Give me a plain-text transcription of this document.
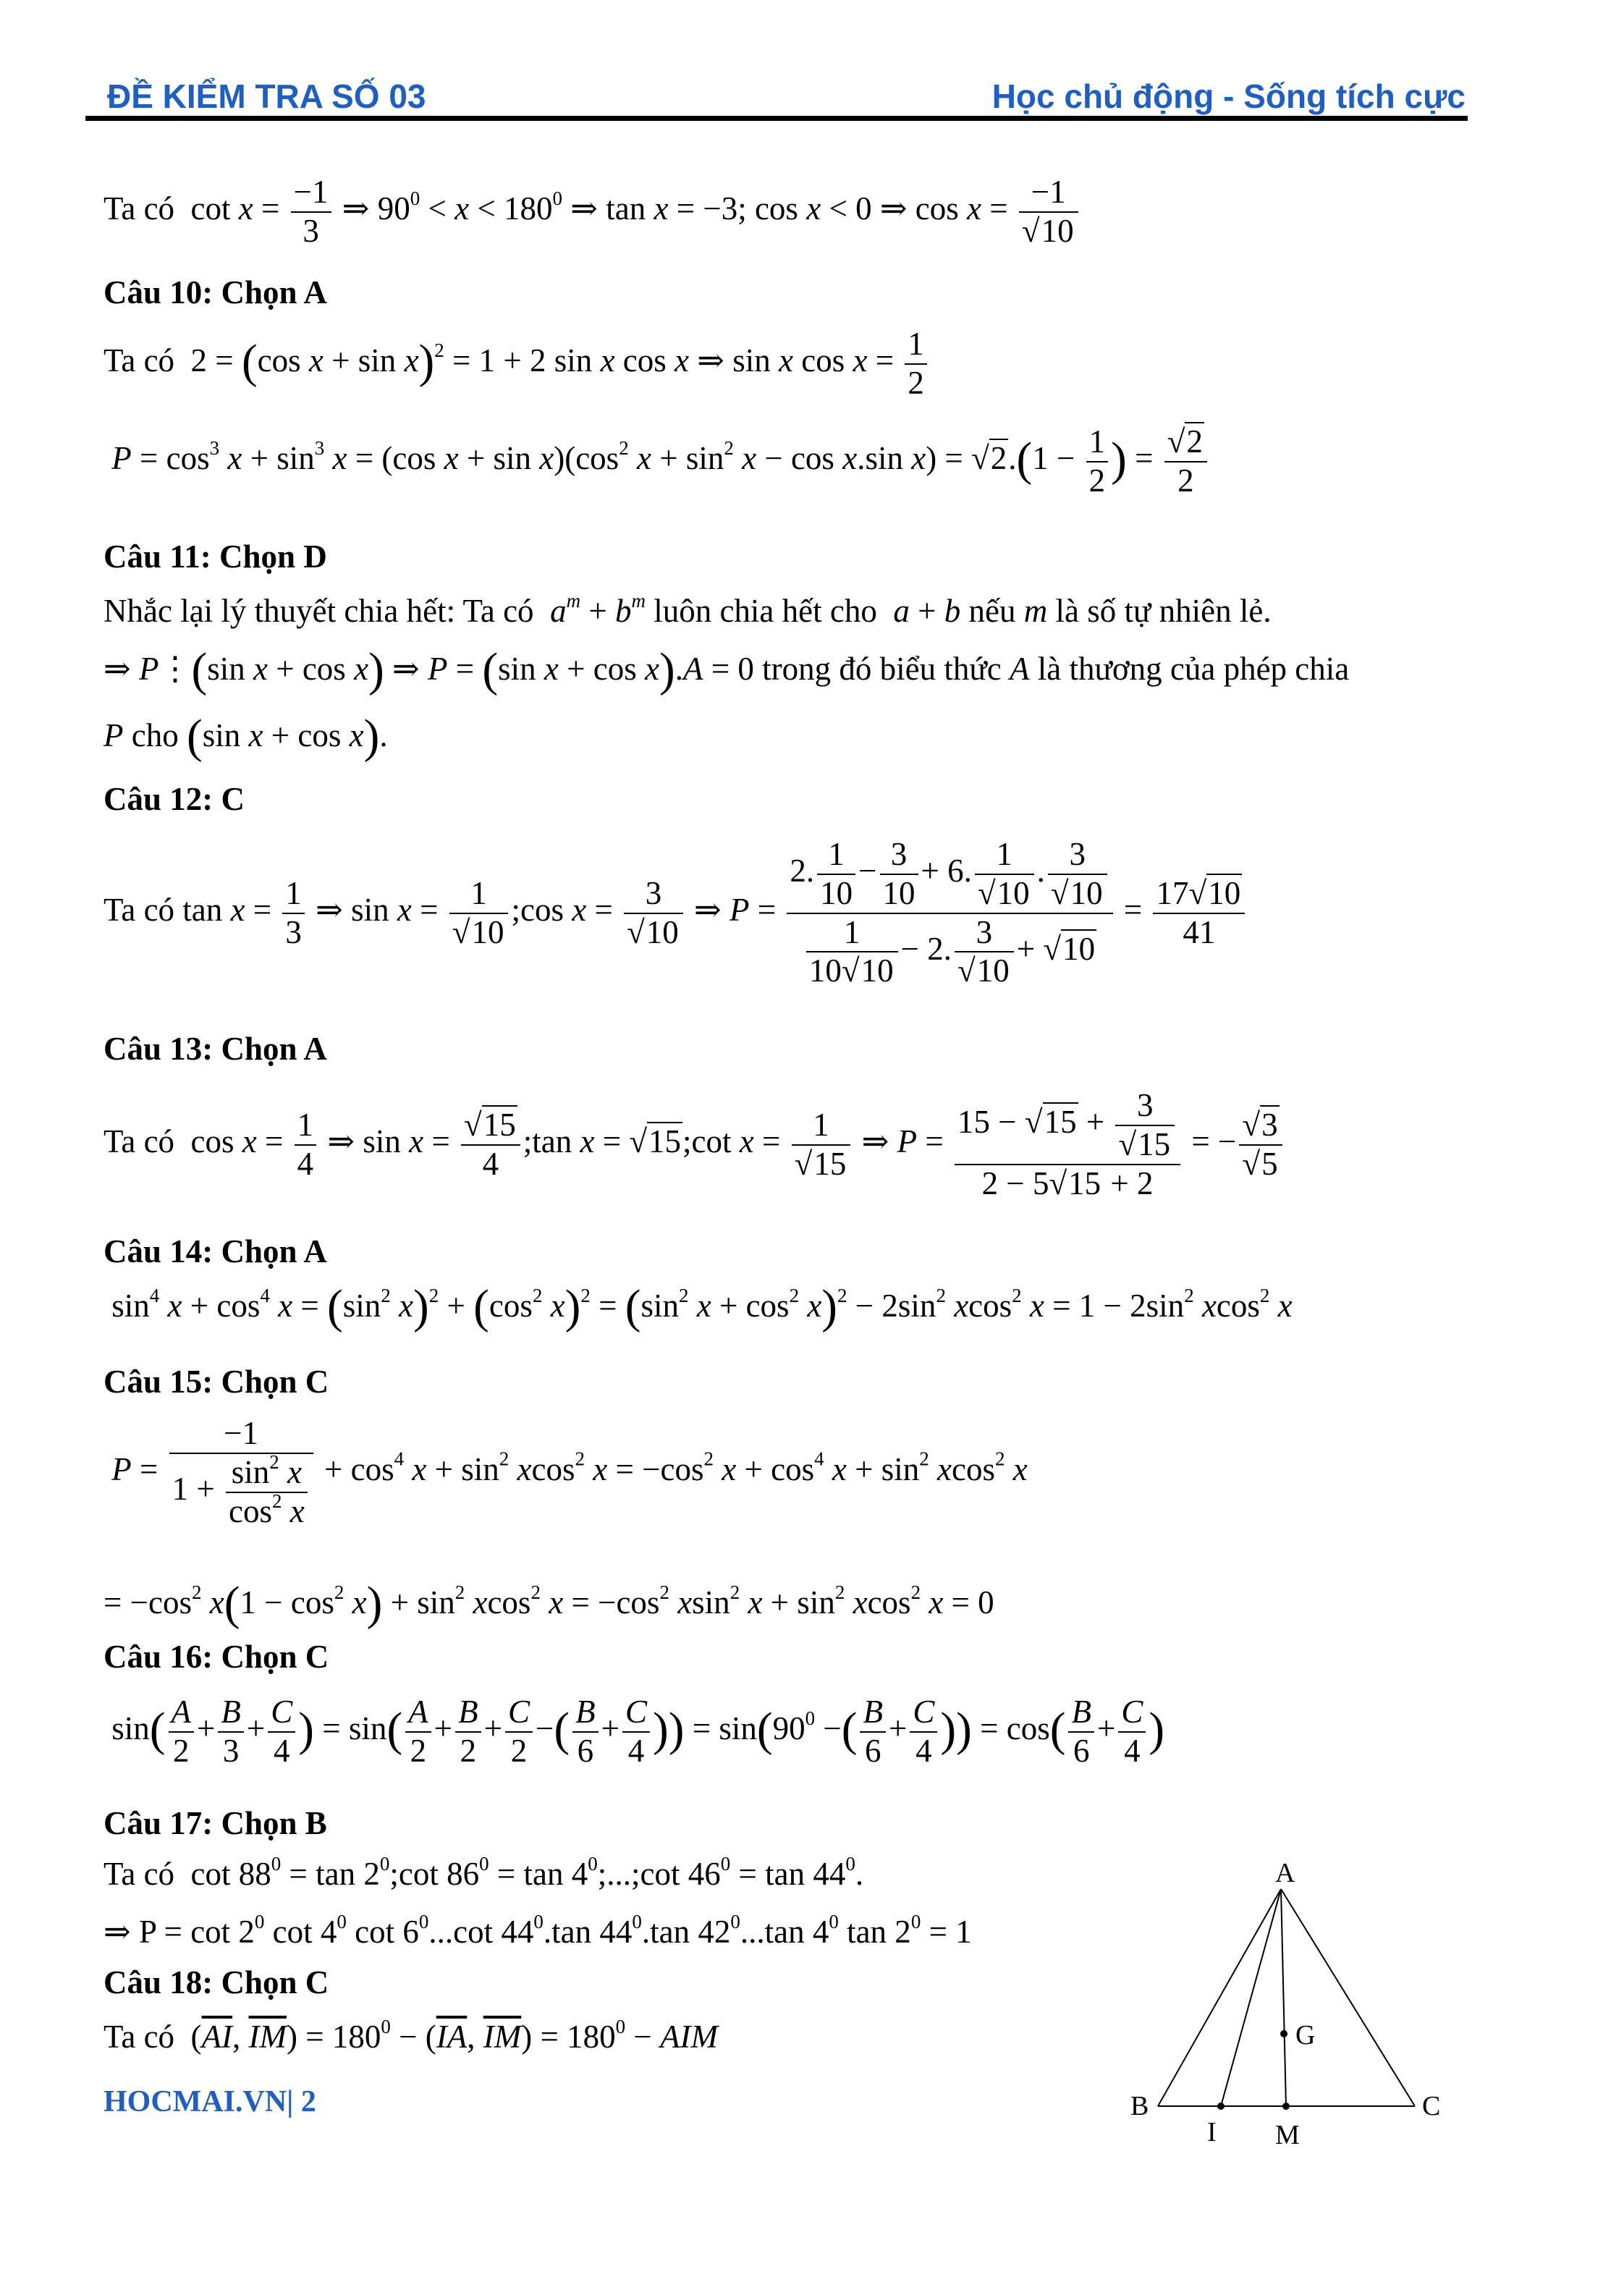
ĐỀ KIỂM TRA SỐ 03	Học chủ động - Sống tích cực
Ta có  $\cot x = \frac{-1}{3}$ ⇒ $90^0 < x < 180^0$ ⇒ tan x = −3; cos x < 0 ⇒ $\cos x = \frac{-1}{√10}$
Câu 10: Chọn A
Ta có  2 = (cos x + sin x)$^2$ = 1 + 2 sin x cos x ⇒ sin x $\cos x = \frac{1}{2}$
$P = \cos^3 x + \sin^3 x = (\cos$ $x + \sin x)(\cos^2$ $x + \sin^2 x - \cos x.\sin$ $x) = √2.(1 - \frac{1}{2}$ ) = $\frac{√2}{2}$
Câu 11: Chọn D
Nhắc lại lý thuyết chia hết: Ta có $a^m + b^m$ luôn chia hết cho a + b nếu m là số tự nhiên lẻ.
⇒ P⋮(sin x + cos x) ⇒ P = (sin x + cos x).A = 0 trong đó biểu thức A là thương của phép chia
P cho (sin x + cos x).
Câu 12: C
Ta có $\tan x = \frac{1}{3}$ ⇒ $\sin x = \frac{1}{√10}$ ;cos $x = \frac{3}{√10}$ ⇒ $P = \frac{2. \frac{1}{10} - \frac{3}{10} + 6. \frac{1}{√10} . \frac{3}{√10}}{\frac{1}{10√10} - 2. \frac{3}{√10} + √10} = \frac{17√10}{41}$
Câu 13: Chọn A
Ta có  $\cos x = \frac{1}{4}$ ⇒ $\sin x = \frac{√15}{4}$ ;tan x = √15;cot $x = \frac{1}{√15}$ ⇒ $P = \frac{15 - √15 + \frac{3}{√15}}{2 - 5√15 + 2}$ = − $\frac{√3}{√5}$
Câu 14: Chọn A
$\sin^4 x + \cos^4 x = (\sin^2$ $x)^2 + (\cos^2$ $x)^2 = (\sin^2$ $x + \cos^2 x)^2 - 2\sin^2$ xcos$^2$ $x = 1 - 2\sin^2$ xcos$^2$ x
Câu 15: Chọn C
$P = \frac{-1}{1 + \frac{\sin^2 x}{\cos^2 x}} + \cos^4 x + \sin^2 xcos^2$ $x = -\cos^2$ $x + \cos^4 x + \sin^2 xcos^2$ x
= $-\cos^2$ $x(1 - \cos^2 x) + \sin^2 xcos^2$ $x = -\cos^2$ xsin$^2$ $x + \sin^2 xcos^2$ x = 0
Câu 16: Chọn C
$\sin( \frac{A}{2} + \frac{B}{3} + \frac{C}{4}$ ) = $\sin( \frac{A}{2} + \frac{B}{2} + \frac{C}{2}$ −( $\frac{B}{6} + \frac{C}{4}$ )) = $\sin(90^0$ −( $\frac{B}{6} + \frac{C}{4}$ )) = $\cos( \frac{B}{6} + \frac{C}{4}$ )
Câu 17: Chọn B
Ta có  $\cot 88^0 = \tan$ $2^0;\cot$ $86^0 = \tan$ $4^0;...;\cot$ $46^0 = \tan 44^0$.
⇒ $P = \cot 2^0$ $\cot 4^0$ $\cot 6^0...\cot$ $44^0.\tan$ $44^0.\tan$ $42^0...\tan$ $4^0$ $\tan 2^0 = 1$
Câu 18: Chọn C
Ta có  ($\overline{AI}$, $\overline{IM}) = 180^0 - (\overline{IA}$, $\overline{IM}) = 180^0$ − AIM
A
B	C
G
I M
HOCMAI.VN| 2
